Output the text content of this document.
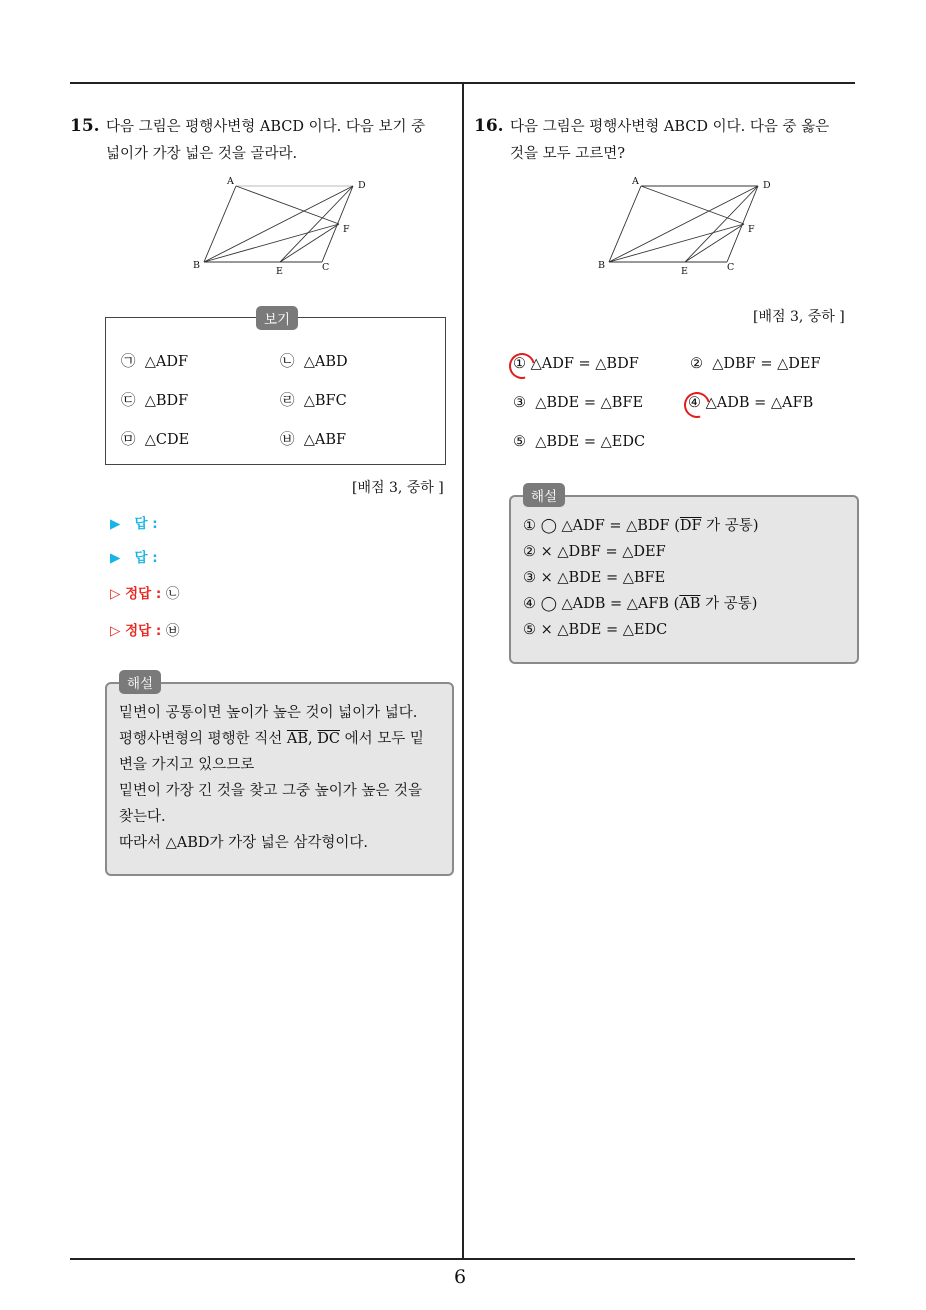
6
15. 다음 그림은 평행사변형 ABCD 이다. 다음 보기 중
넓이가 가장 넓은 것을 골라라.
A	D
F
B
E	C
보기
㉠ △ADF	㉡ △ABD
㉢ △BDF	㉣ △BFC
㉤ △CDE	㉥ △ABF
[배점 3, 중하 ]
▶ 답 :
▶ 답 :
▷ 정답 : ㉡
▷ 정답 : ㉥
밑변이 공통이면 높이가 높은 것이 넓이가 넓다.
평행사변형의 평행한 직선 $\overline{AB}$, $\overline{DC}$ 에서 모두 밑
변을 가지고 있으므로
밑변이 가장 긴 것을 찾고 그중 높이가 높은 것을
찾는다.
따라서 △ABD가 가장 넓은 삼각형이다.
해설
16. 다음 그림은 평행사변형 ABCD 이다. 다음 중 옳은
것을 모두 고르면?
A	D
F
B
E	C
[배점 3, 중하 ]
① △ADF = △BDF	② △DBF = △DEF
③ △BDE = △BFE	④ △ADB = △AFB
⑤ △BDE = △EDC
① ◯ △ADF = △BDF ($\overline{DF}$ 가 공통)
② × △DBF = △DEF
③ × △BDE = △BFE
④ ◯ △ADB = △AFB ($\overline{AB}$ 가 공통)
⑤ × △BDE = △EDC
해설
